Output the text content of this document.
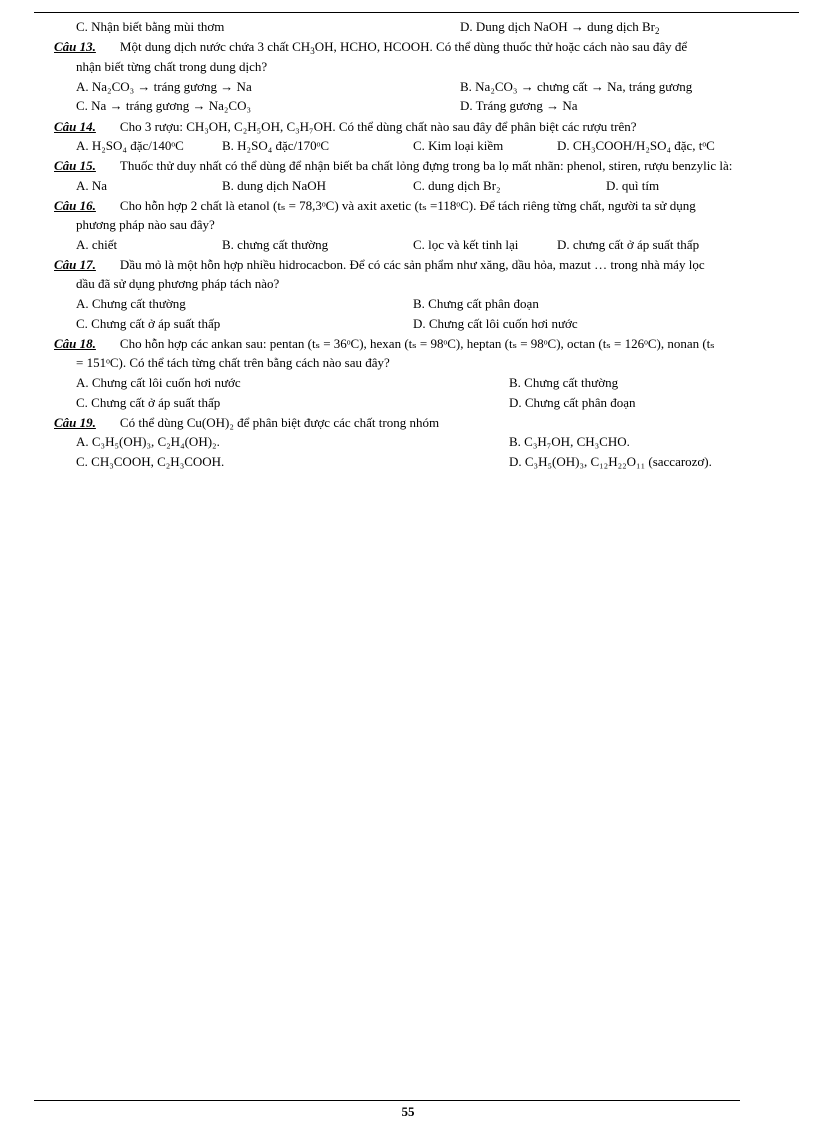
C. Nhận biết bằng mùi thơm	D. Dung dịch NaOH → dung dịch $Br_2$
Câu 13. Một dung dịch nước chứa 3 chất $CH_3OH$, HCHO, HCOOH. Có thể dùng thuốc thử hoặc cách nào sau đây để
nhận biết từng chất trong dung dịch?
A. Na₂CO₃ → tráng gương → Na	B. Na₂CO₃ → chưng cất → Na, tráng gương
C. Na → tráng gương → Na₂CO₃	D. Tráng gương → Na
Câu 14. Cho 3 rượu: CH₃OH, C₂H₅OH, C₃H₇OH. Có thể dùng chất nào sau đây để phân biệt các rượu trên?
A. H₂SO₄ đặc/140ᵒC	B. H₂SO₄ đặc/170ᵒC	C. Kim loại kiềm	D. CH₃COOH/H₂SO₄ đặc, tᵒC
Câu 15. Thuốc thử duy nhất có thể dùng để nhận biết ba chất lỏng đựng trong ba lọ mất nhãn: phenol, stiren, rượu benzylic là:
A. Na	B. dung dịch NaOH	C. dung dịch Br₂	D. quì tím
Câu 16. Cho hỗn hợp 2 chất là etanol (tₛ = 78,3ᵒC) và axit axetic (tₛ =118ᵒC). Để tách riêng từng chất, người ta sử dụng
phương pháp nào sau đây?
A. chiết	B. chưng cất thường	C. lọc và kết tinh lại	D. chưng cất ở áp suất thấp
Câu 17. Dầu mỏ là một hỗn hợp nhiều hidrocacbon. Để có các sản phẩm như xăng, dầu hỏa, mazut … trong nhà máy lọc
dầu đã sử dụng phương pháp tách nào?
A. Chưng cất thường	B. Chưng cất phân đoạn
C. Chưng cất ở áp suất thấp	D. Chưng cất lôi cuốn hơi nước
Câu 18. Cho hỗn hợp các ankan sau: pentan (tₛ = 36ᵒC), hexan (tₛ = 98ᵒC), heptan (tₛ = 98ᵒC), octan (tₛ = 126ᵒC), nonan (tₛ
= 151ᵒC). Có thể tách từng chất trên bằng cách nào sau đây?
A. Chưng cất lôi cuốn hơi nước	B. Chưng cất thường
C. Chưng cất ở áp suất thấp	D. Chưng cất phân đoạn
Câu 19. Có thể dùng Cu(OH)₂ để phân biệt được các chất trong nhóm
A. C₃H₅(OH)₃, C₂H₄(OH)₂.	B. C₃H₇OH, CH₃CHO.
C. CH₃COOH, C₂H₃COOH.	D. C₃H₅(OH)₃, C₁₂H₂₂O₁₁ (saccarozơ).
55
